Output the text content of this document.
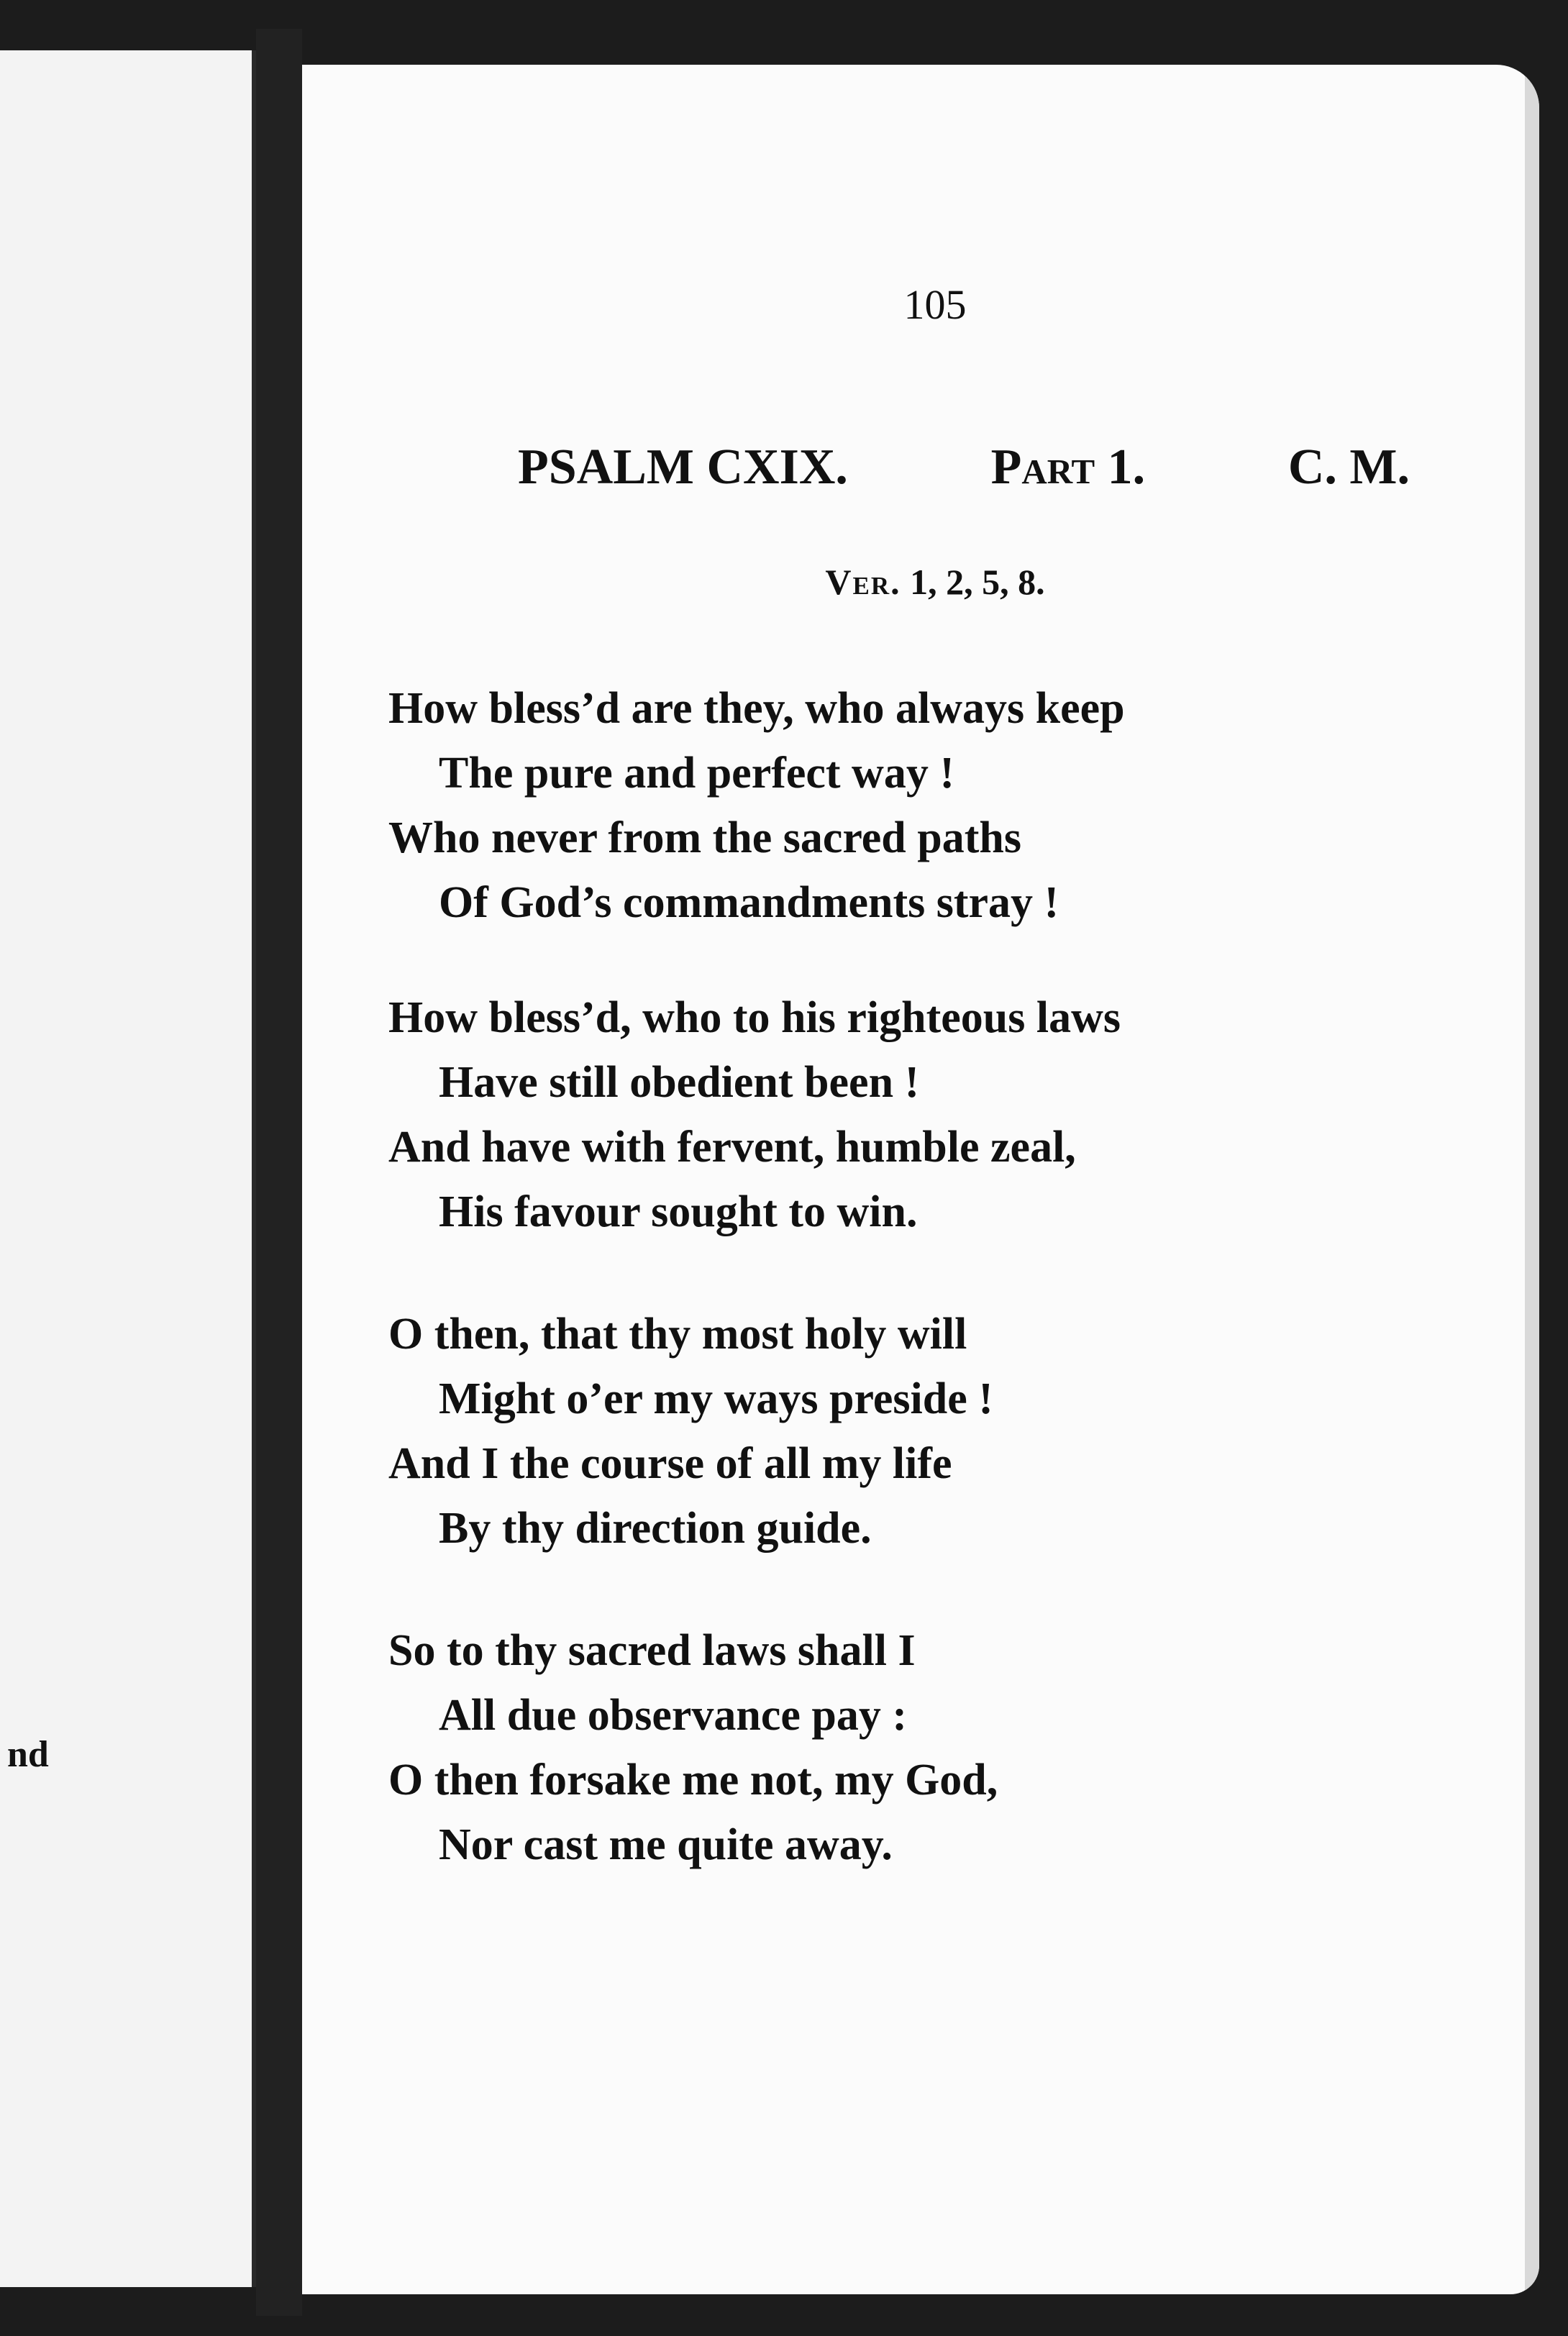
nd
105
PSALM CXIX.	Part 1.	C. M.
Ver. 1, 2, 5, 8.
How bless’d are they, who always keep
The pure and perfect way !
Who never from the sacred paths
Of God’s commandments stray !
How bless’d, who to his righteous laws
Have still obedient been !
And have with fervent, humble zeal,
His favour sought to win.
O then, that thy most holy will
Might o’er my ways preside !
And I the course of all my life
By thy direction guide.
So to thy sacred laws shall I
All due observance pay :
O then forsake me not, my God,
Nor cast me quite away.
